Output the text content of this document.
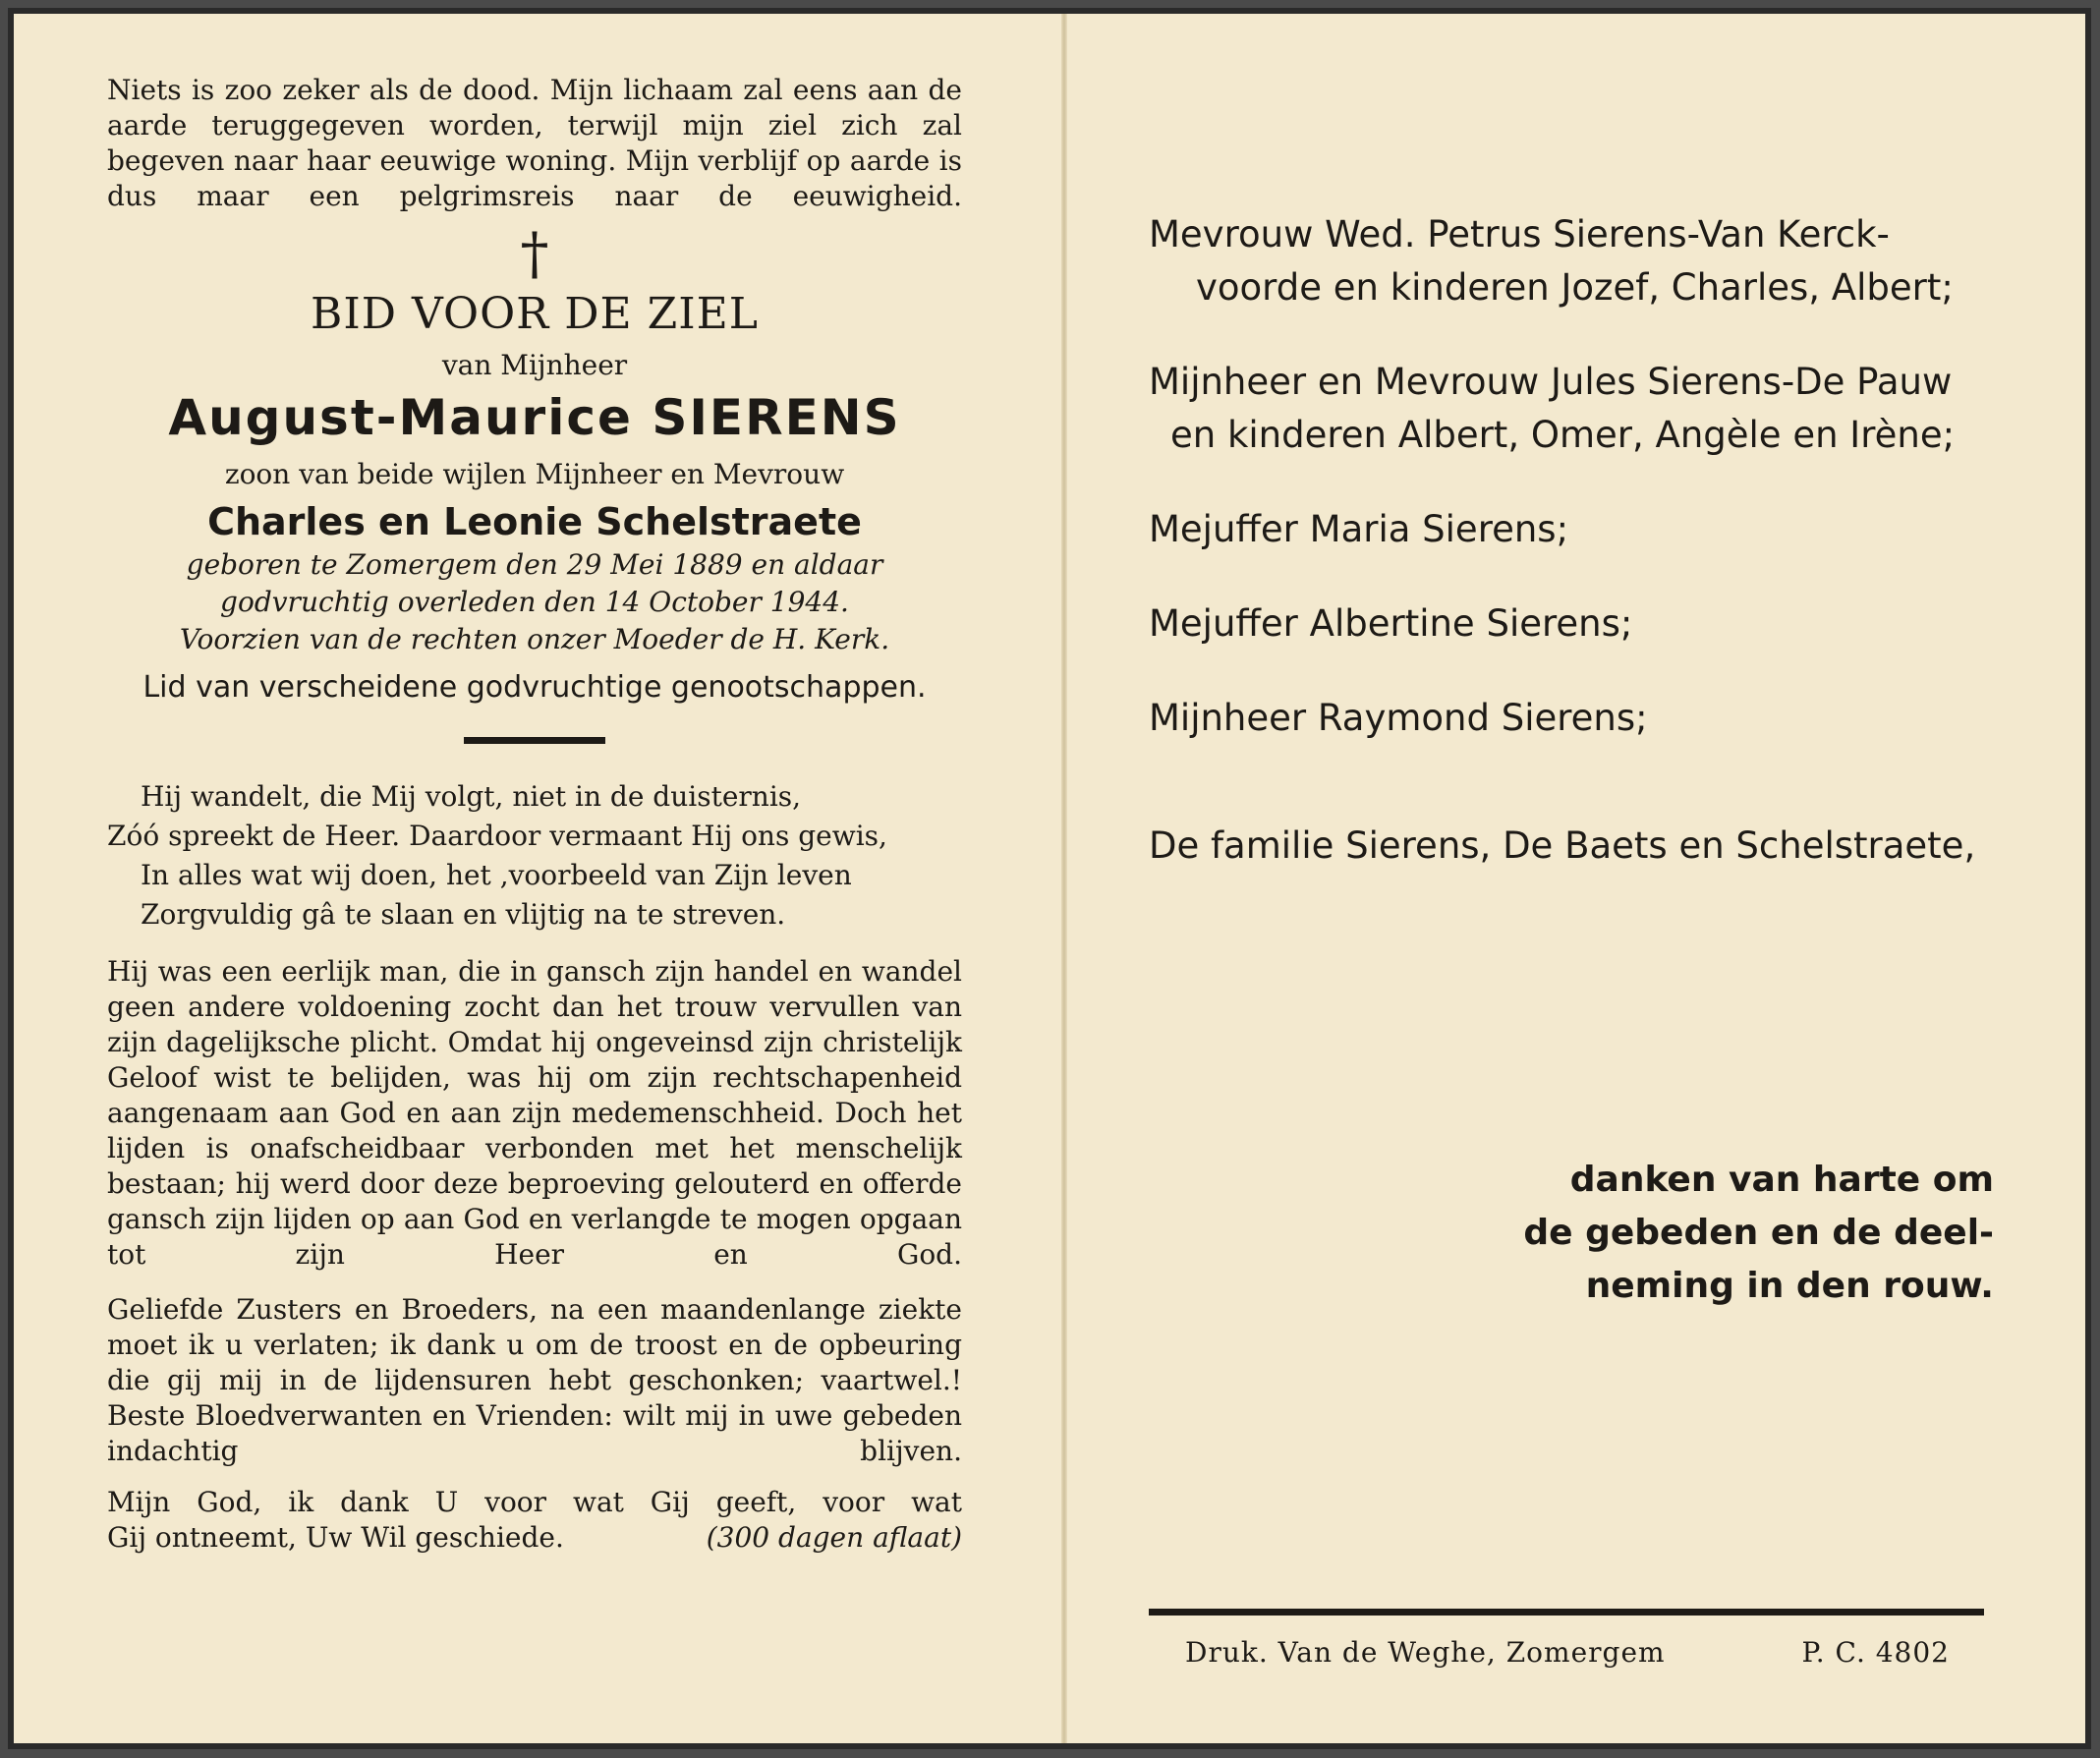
Niets is zoo zeker als de dood. Mijn lichaam zal eens aan de aarde teruggegeven worden, terwijl mijn ziel zich zal begeven naar haar eeuwige woning. Mijn verblijf op aarde is dus maar een pelgrimsreis naar de eeuwigheid.

†
BID VOOR DE ZIEL
van Mijnheer
August-Maurice SIERENS
zoon van beide wijlen Mijnheer en Mevrouw
Charles en Leonie Schelstraete
geboren te Zomergem den 29 Mei 1889 en aldaar
godvruchtig overleden den 14 October 1944.
Voorzien van de rechten onzer Moeder de H. Kerk.
Lid van verscheidene godvruchtige genootschappen.
Hij wandelt, die Mij volgt, niet in de duisternis,
Zóó spreekt de Heer. Daardoor vermaant Hij ons gewis,
In alles wat wij doen, het ,voorbeeld van Zijn leven
Zorgvuldig gâ te slaan en vlijtig na te streven.

Hij was een eerlijk man, die in gansch zijn handel en wandel geen andere voldoening zocht dan het trouw vervullen van zijn dagelijksche plicht. Omdat hij ongeveinsd zijn christelijk Geloof wist te belijden, was hij om zijn rechtschapenheid aangenaam aan God en aan zijn medemenschheid. Doch het lijden is onafscheidbaar verbonden met het menschelijk bestaan; hij werd door deze beproeving gelouterd en offerde gansch zijn lijden op aan God en verlangde te mogen opgaan tot zijn Heer en God.

Geliefde Zusters en Broeders, na een maandenlange ziekte moet ik u verlaten; ik dank u om de troost en de opbeuring die gij mij in de lijdensuren hebt geschonken; vaartwel.! Beste Bloedverwanten en Vrienden: wilt mij in uwe gebeden indachtig blijven.

Mijn God, ik dank U voor wat Gij geeft, voor wat

Gij ontneemt, Uw Wil geschiede.	(300 dagen aflaat)

Mevrouw Wed. Petrus Sierens-Van Kerck-
voorde en kinderen Jozef, Charles, Albert;
Mijnheer en Mevrouw Jules Sierens-De Pauw
en kinderen Albert, Omer, Angèle en Irène;
Mejuffer Maria Sierens;
Mejuffer Albertine Sierens;
Mijnheer Raymond Sierens;
De familie Sierens, De Baets en Schelstraete,
danken van harte om
de gebeden en de deel-
neming in den rouw.
Druk. Van de Weghe, Zomergem	P. C. 4802
